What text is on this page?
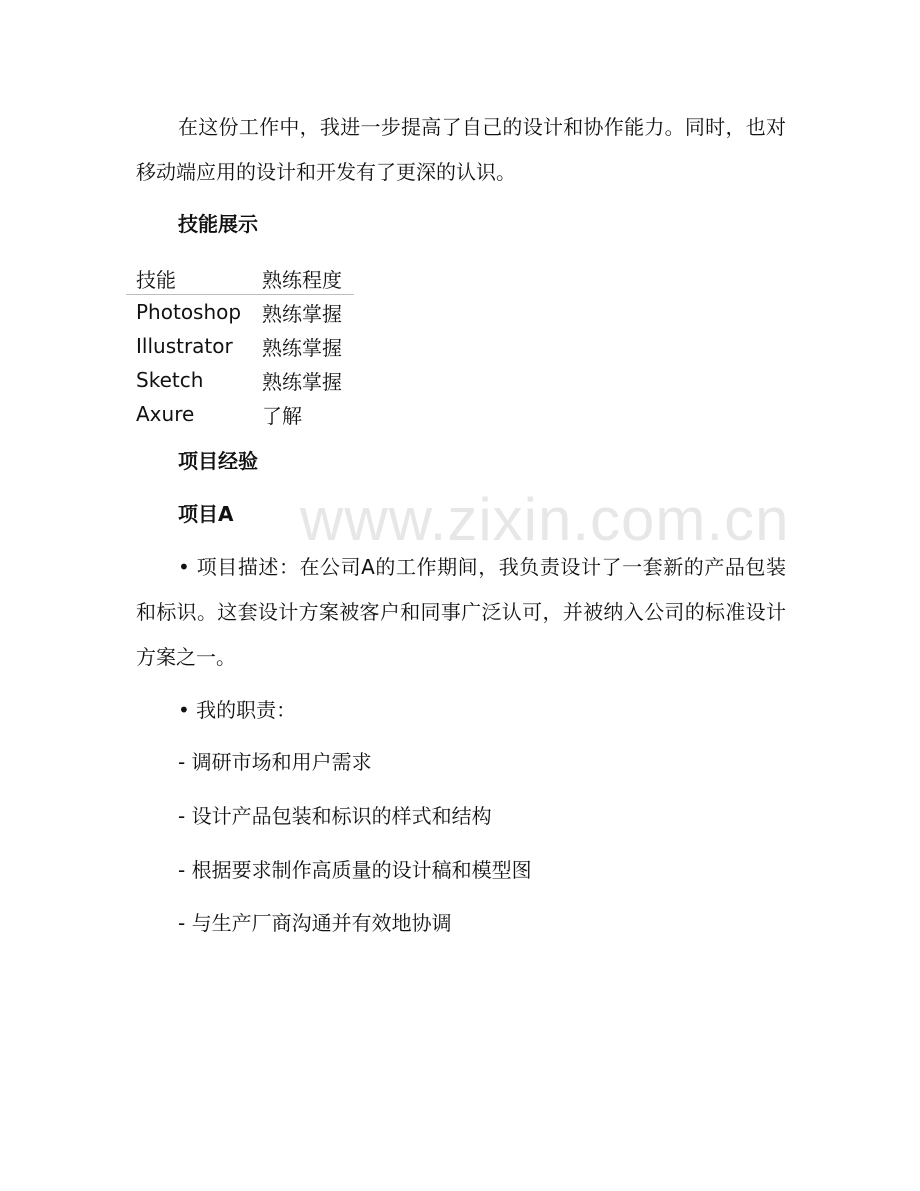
在这份工作中，我进一步提高了自己的设计和协作能力。同时，也对移动端应用的设计和开发有了更深的认识。

技能展示
技能	熟练程度
Photoshop	熟练掌握
Illustrator	熟练掌握
Sketch	熟练掌握
Axure	了解
项目经验
项目A

• 项目描述：在公司A的工作期间，我负责设计了一套新的产品包装和标识。这套设计方案被客户和同事广泛认可，并被纳入公司的标准设计方案之一。

• 我的职责：

- 调研市场和用户需求

- 设计产品包装和标识的样式和结构

- 根据要求制作高质量的设计稿和模型图

- 与生产厂商沟通并有效地协调

www.zixin.com.cn
